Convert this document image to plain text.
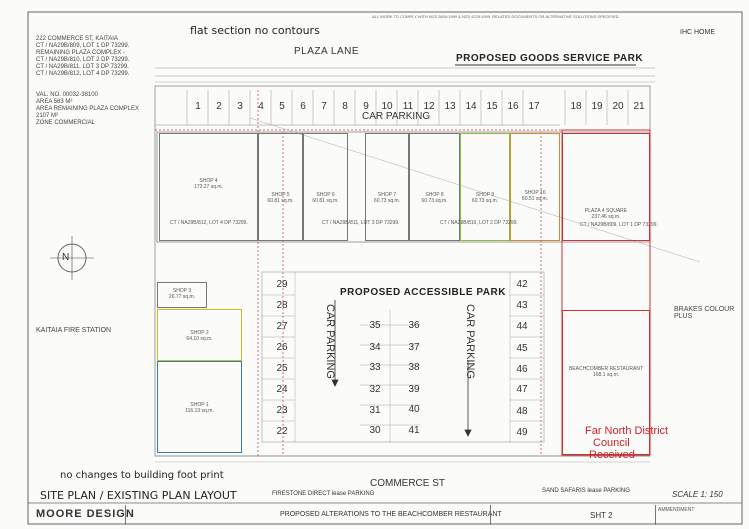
flat section no contours
ALL WORK TO COMPLY WITH NZS 3604:1999 & NZS 4229:1999, RELATED DOCUMENTS OR ALTERNATIVE SOLUTIONS SPECIFIED
IHC HOME
222 COMMERCE ST, KAITAIA
CT / NA29B/809, LOT 1 DP 73299.
REMAINING PLAZA COMPLEX -
CT / NA29B/810, LOT 2 DP 73299.
CT / NA29B/811, LOT 3 DP 73299.
CT / NA29B/812, LOT 4 DP 73299.
VAL. NO. 00032-38100
AREA 563 M²
AREA REMAINING PLAZA COMPLEX
2107 M²
ZONE COMMERCIAL
PLAZA LANE
PROPOSED GOODS SERVICE PARK
COMMERCE ST
1	2	3	4	5	6	7	8	9	10 11 12 13 14 15 16 17	18 19 20 21
CAR PARKING
SHOP 4
173.27 sq.m.
SHOP 5
60.81 sq.m.
SHOP 6
60.81 sq.m.
SHOP 7
60.73 sq.m.
SHOP 8
60.73 sq.m.
SHOP 9
60.73 sq.m.
SHOP 10
60.51 sq.m.
PLAZA 4 SQUARE
237.46 sq.m.
CT / NA29B/812, LOT 4 DP 73299.	CT / NA29B/811, LOT 3 DP 73299.	CT / NA29B/810, LOT 2 DP 73299.	CT / NA29B/809, LOT 1 DP 73299.
SHOP 3
26.77 sq.m.
SHOP 2
64.10 sq.m.
SHOP 1
116.13 sq.m.
BEACHCOMBER RESTAURANT
168.1 sq.m.
KAITAIA FIRE STATION
BRAKES COLOUR PLUS
N
PROPOSED ACCESSIBLE PARK
CAR PARKING	CAR PARKING
29
28
27
26
25
24
23
22
35
34
33
32
31
30
36
37
38
39
40
41
42
43
44
45
46
47
48
49	Far North District
Council
Received
no changes to building foot print
SITE PLAN / EXISTING PLAN LAYOUT	FIRESTONE DIRECT lease PARKING	SAND SAFARIS lease PARKING	SCALE 1: 150
MOORE DESIGN	PROPOSED ALTERATIONS TO THE BEACHCOMBER RESTAURANT	SHT 2
AMMENDMENT
